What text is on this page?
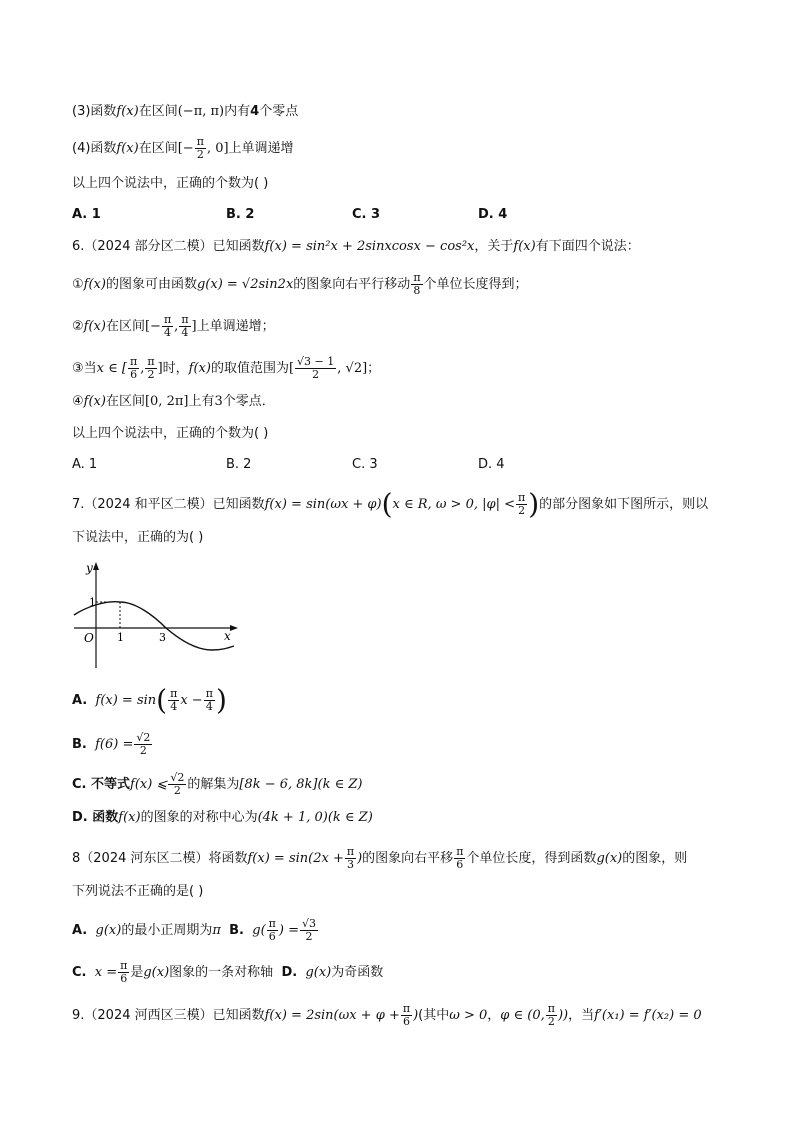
(3)函数f(x)在区间(−π, π)内有4个零点
(4)函数f(x)在区间[− $\frac{\pi}{2}$ , 0]上单调递增
以上四个说法中，正确的个数为( )
A. 1	B. 2	C. 3	D. 4
6.（2024 部分区二模）已知函数f(x) = sin²x + 2sinxcosx − cos²x，关于f(x)有下面四个说法：
①f(x)的图象可由函数g(x) = √2sin2x的图象向右平行移动 $\frac{\pi}{8}$ 个单位长度得到；
②f(x)在区间[− $\frac{\pi}{4}$ , $\frac{\pi}{4}$ ]上单调递增；
③当x ∈ [ $\frac{\pi}{6}$ , $\frac{\pi}{2}$ ]时，f(x)的取值范围为[ $\frac{√3 - 1}{2}$ , √2]；
④f(x)在区间[0, 2π]上有3个零点．
以上四个说法中，正确的个数为( )
A. 1	B. 2	C. 3	D. 4
7.（2024 和平区二模）已知函数f(x) = sin(ωx + φ)(x ∈ R, ω > 0, $|\varphi| < \frac{\pi}{2}$ )的部分图象如下图所示，则以
下说法中，正确的为( )
y
x
O
1
1	3
A. $f(x) = \sin( \frac{\pi}{4}$ $x - \frac{\pi}{4}$ )
B. $f(6) = \frac{√2}{2}$
C. 不等式f(x) ⩽ $\frac{√2}{2}$ 的解集为[8k − 6, 8k](k ∈ Z)
D. 函数f(x)的图象的对称中心为(4k + 1, 0)(k ∈ Z)
8（2024 河东区二模）将函数$f(x) = \sin(2x + \frac{\pi}{3}$ )的图象向右平移 $\frac{\pi}{6}$ 个单位长度，得到函数g(x)的图象，则
下列说法不正确的是( )
A. g(x)的最小正周期为π B. $g( \frac{\pi}{6}$ ) = $\frac{√3}{2}$
C. $x = \frac{\pi}{6}$ 是g(x)图象的一条对称轴 D. g(x)为奇函数
9.（2024 河西区三模）已知函数$f(x) = 2\sin(\omega x + \varphi + \frac{\pi}{6}$ )(其中ω > 0，φ ∈ (0, $\frac{\pi}{2}$ ))，当f′(x₁) = f′(x₂) = 0
